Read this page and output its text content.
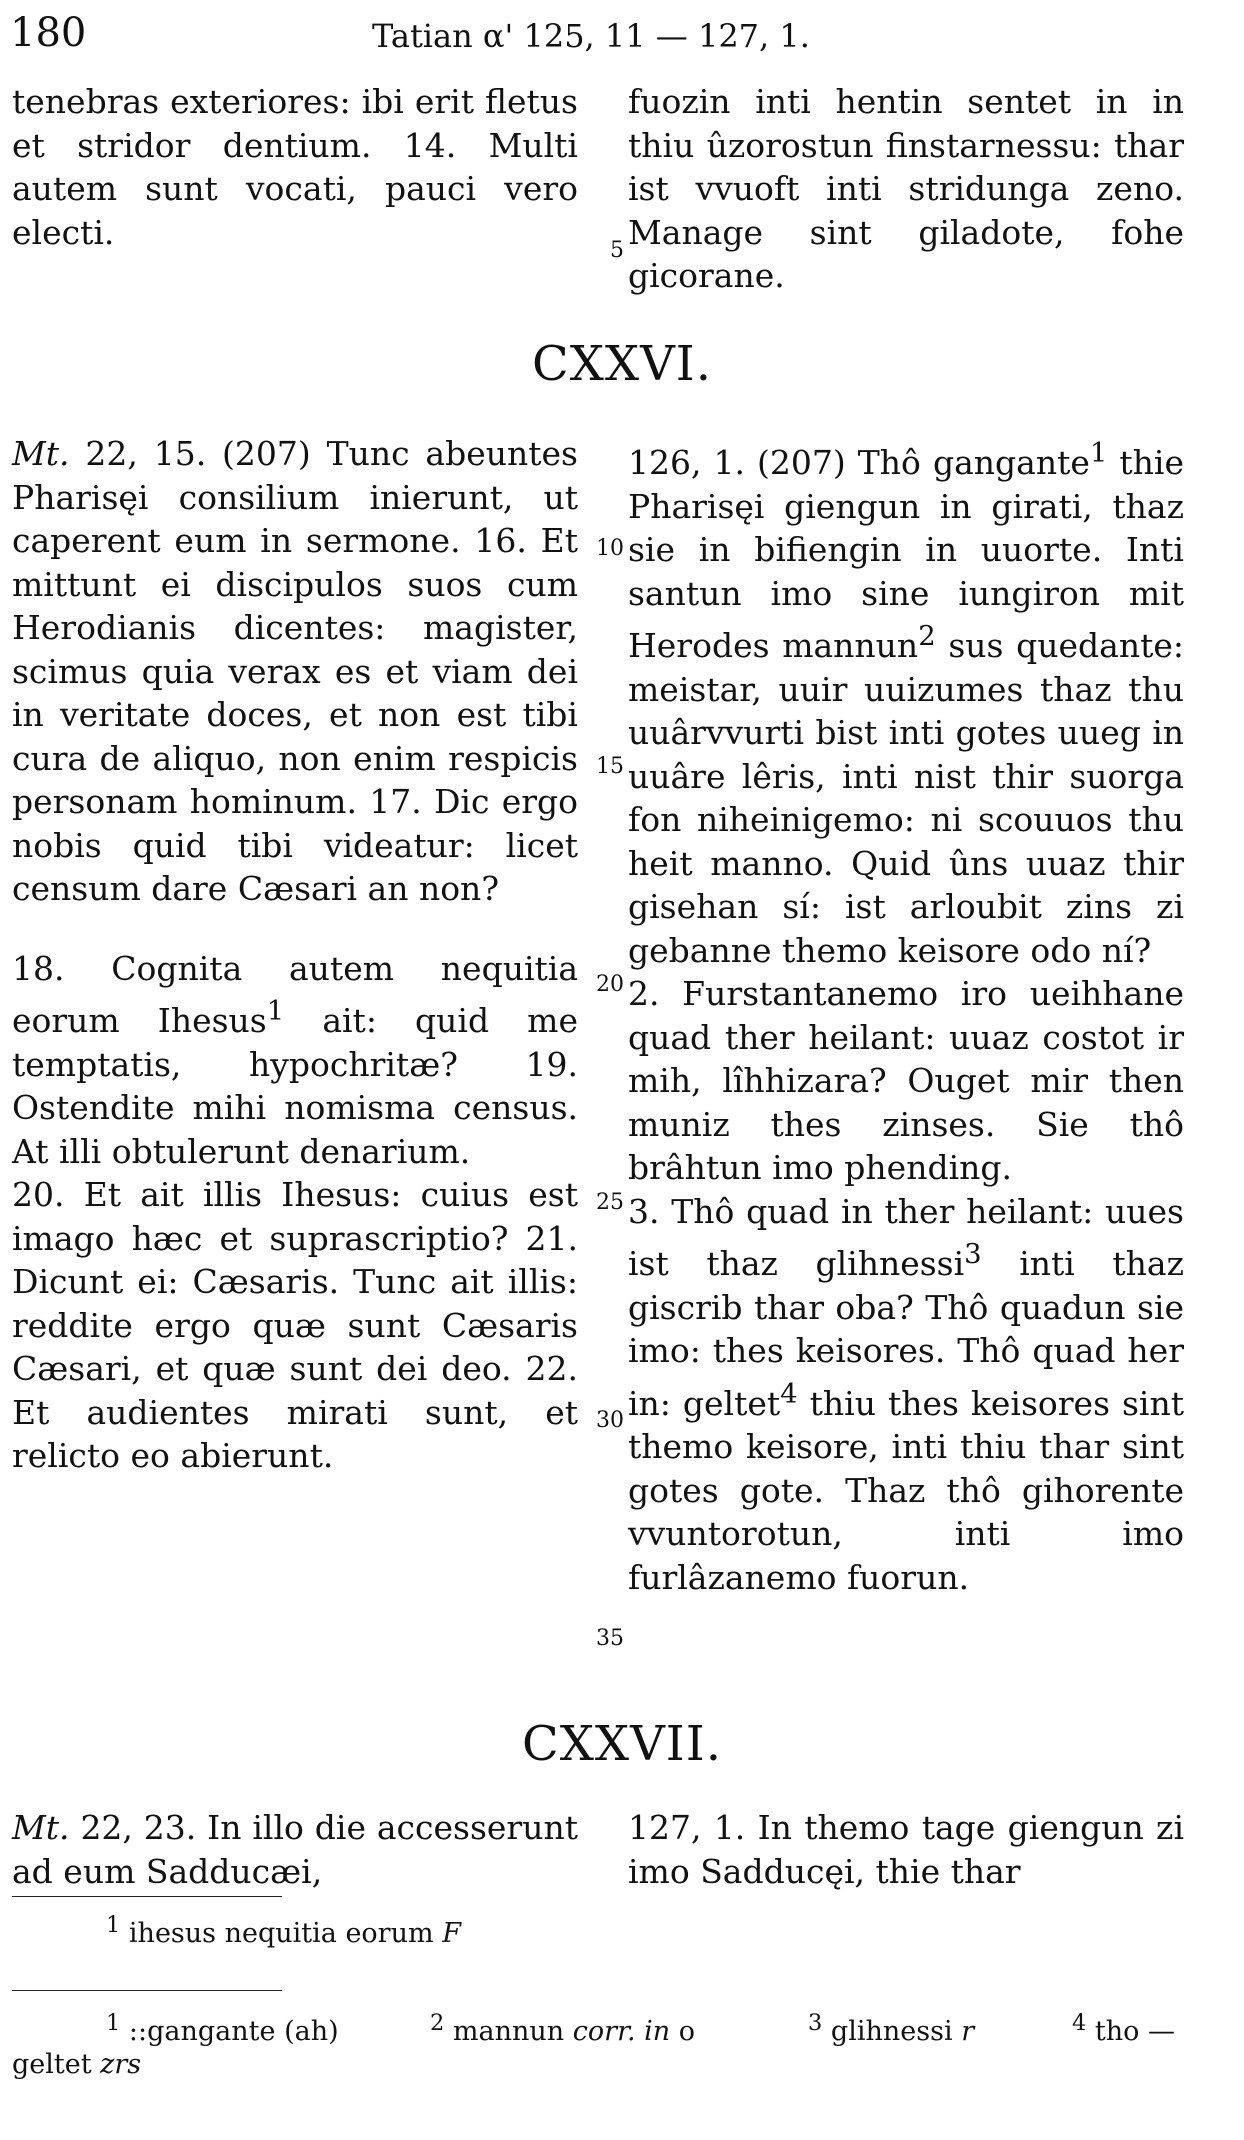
180	Tatian α' 125, 11 — 127, 1.

tenebras exteriores: ibi erit fletus et stridor dentium. 14. Multi autem sunt vocati, pauci vero electi.

fuozin inti hentin sentet in in thiu ûzorostun finstarnessu: thar ist vvuoft inti stridunga zeno. Manage sint giladote, fohe gicorane.

CXXVI.

Mt. 22, 15. (207) Tunc abeuntes Pharisęi consilium inierunt, ut caperent eum in sermone. 16. Et mittunt ei discipulos suos cum Herodianis dicentes: magister, scimus quia verax es et viam dei in veritate doces, et non est tibi cura de aliquo, non enim respicis personam hominum. 17. Dic ergo nobis quid tibi videatur: licet censum dare Cæsari an non?

18. Cognita autem nequitia eorum Ihesus$^1$ ait: quid me temptatis, hypochritæ? 19. Ostendite mihi nomisma census. At illi obtulerunt denarium.

20. Et ait illis Ihesus: cuius est imago hæc et suprascriptio? 21. Dicunt ei: Cæsaris. Tunc ait illis: reddite ergo quæ sunt Cæsaris Cæsari, et quæ sunt dei deo. 22. Et audientes mirati sunt, et relicto eo abierunt.

126, 1. (207) Thô gangante$^1$ thie Pharisęi giengun in girati, thaz sie in bifiengin in uuorte. Inti santun imo sine iungiron mit Herodes mannun$^2$ sus quedante: meistar, uuir uuizumes thaz thu uuârvvurti bist inti gotes uueg in uuâre lêris, inti nist thir suorga fon niheinigemo: ni scouuos thu heit manno. Quid ûns uuaz thir gisehan sí: ist arloubit zins zi gebanne themo keisore odo ní?

2. Furstantanemo iro ueihhane quad ther heilant: uuaz costot ir mih, lîhhizara? Ouget mir then muniz thes zinses. Sie thô brâhtun imo phending.

3. Thô quad in ther heilant: uues ist thaz glihnessi$^3$ inti thaz giscrib thar oba? Thô quadun sie imo: thes keisores. Thô quad her in: geltet$^4$ thiu thes keisores sint themo keisore, inti thiu thar sint gotes gote. Thaz thô gihorente vvuntorotun, inti imo furlâzanemo fuorun.

5
10
15
20
25
30
35
CXXVII.

Mt. 22, 23. In illo die accesserunt ad eum Sadducæi,

127, 1. In themo tage giengun zi imo Sadducęi, thie thar

$^1$ ihesus nequitia eorum F
$^1$ ::gangante (ah)	$^2$ mannun corr. in o	$^3$ glihnessi r	$^4$ tho —
geltet zrs
